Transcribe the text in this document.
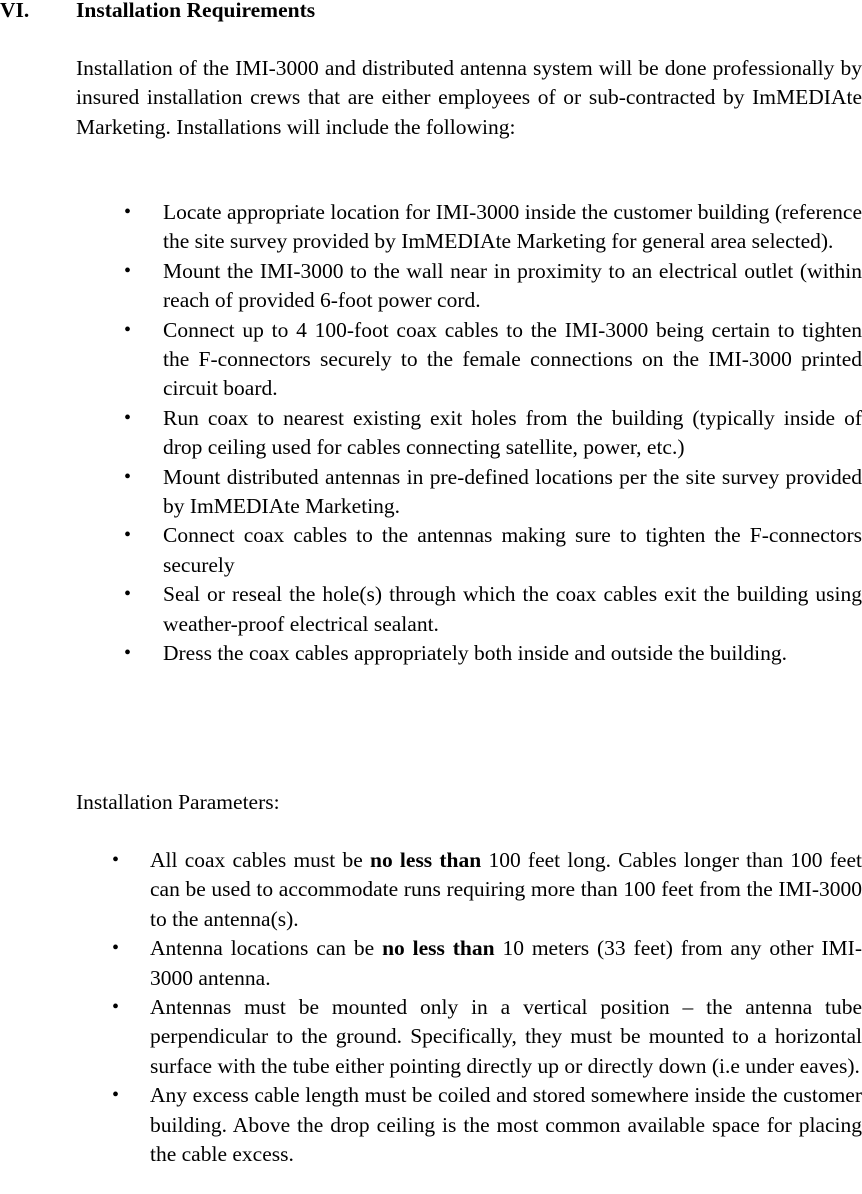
VI. Installation Requirements

Installation of the IMI-3000 and distributed antenna system will be done professionally by insured installation crews that are either employees of or sub-contracted by ImMEDIAte Marketing. Installations will include the following:

• Locate appropriate location for IMI-3000 inside the customer building (reference the site survey provided by ImMEDIAte Marketing for general area selected).
• Mount the IMI-3000 to the wall near in proximity to an electrical outlet (within reach of provided 6-foot power cord.
• Connect up to 4 100-foot coax cables to the IMI-3000 being certain to tighten the F-connectors securely to the female connections on the IMI-3000 printed circuit board.
• Run coax to nearest existing exit holes from the building (typically inside of drop ceiling used for cables connecting satellite, power, etc.)
• Mount distributed antennas in pre-defined locations per the site survey provided by ImMEDIAte Marketing.
• Connect coax cables to the antennas making sure to tighten the F-connectors securely
• Seal or reseal the hole(s) through which the coax cables exit the building using weather-proof electrical sealant.
• Dress the coax cables appropriately both inside and outside the building.

Installation Parameters:

• All coax cables must be no less than 100 feet long. Cables longer than 100 feet can be used to accommodate runs requiring more than 100 feet from the IMI-3000 to the antenna(s).
• Antenna locations can be no less than 10 meters (33 feet) from any other IMI-3000 antenna.
• Antennas must be mounted only in a vertical position – the antenna tube perpendicular to the ground. Specifically, they must be mounted to a horizontal surface with the tube either pointing directly up or directly down (i.e under eaves).
• Any excess cable length must be coiled and stored somewhere inside the customer building. Above the drop ceiling is the most common available space for placing the cable excess.
